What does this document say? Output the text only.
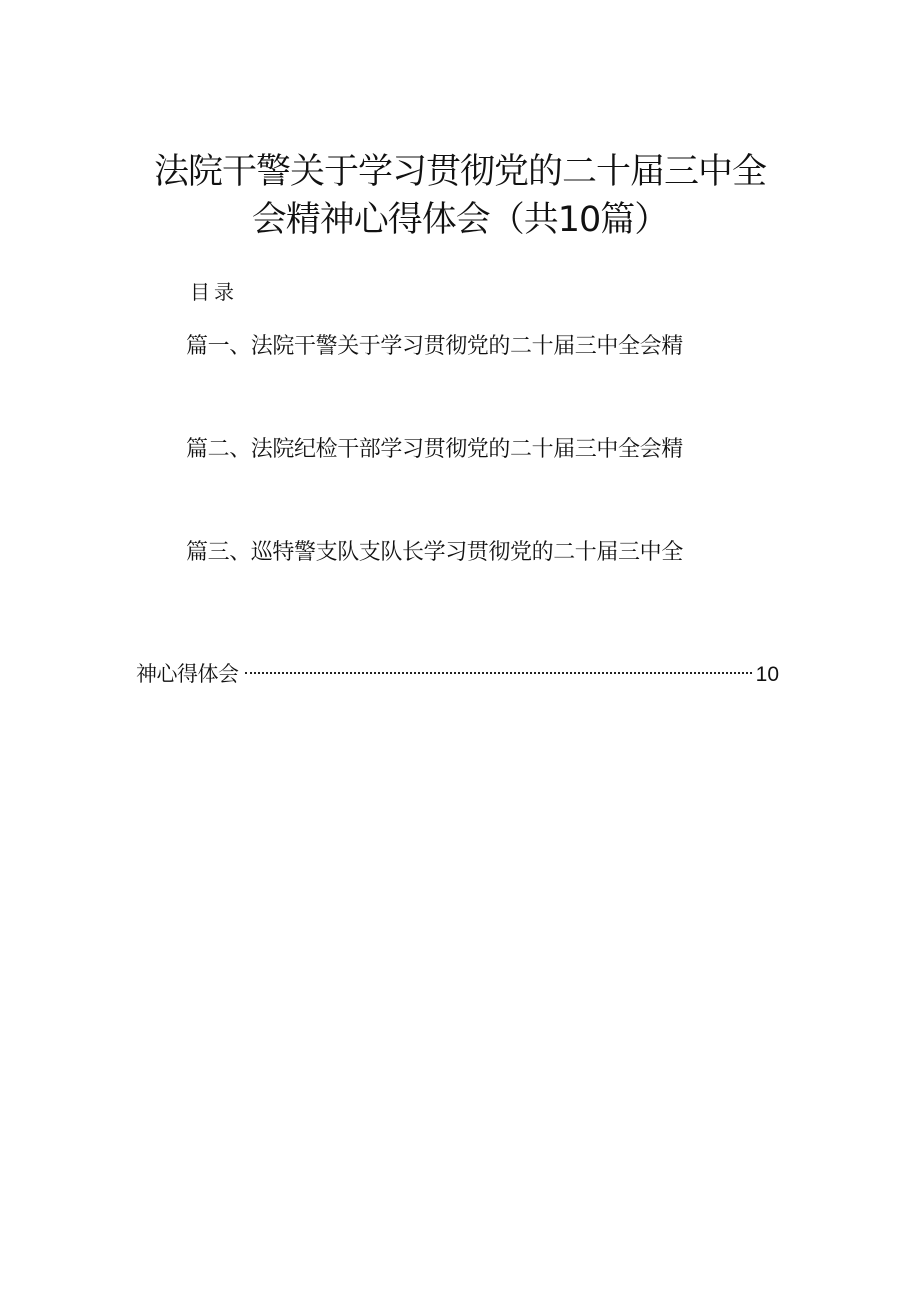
法院干警关于学习贯彻党的二十届三中全
会精神心得体会（共10篇）
目录
篇一、法院干警关于学习贯彻党的二十届三中全会精
篇二、法院纪检干部学习贯彻党的二十届三中全会精
篇三、巡特警支队支队长学习贯彻党的二十届三中全
神心得体会	10
